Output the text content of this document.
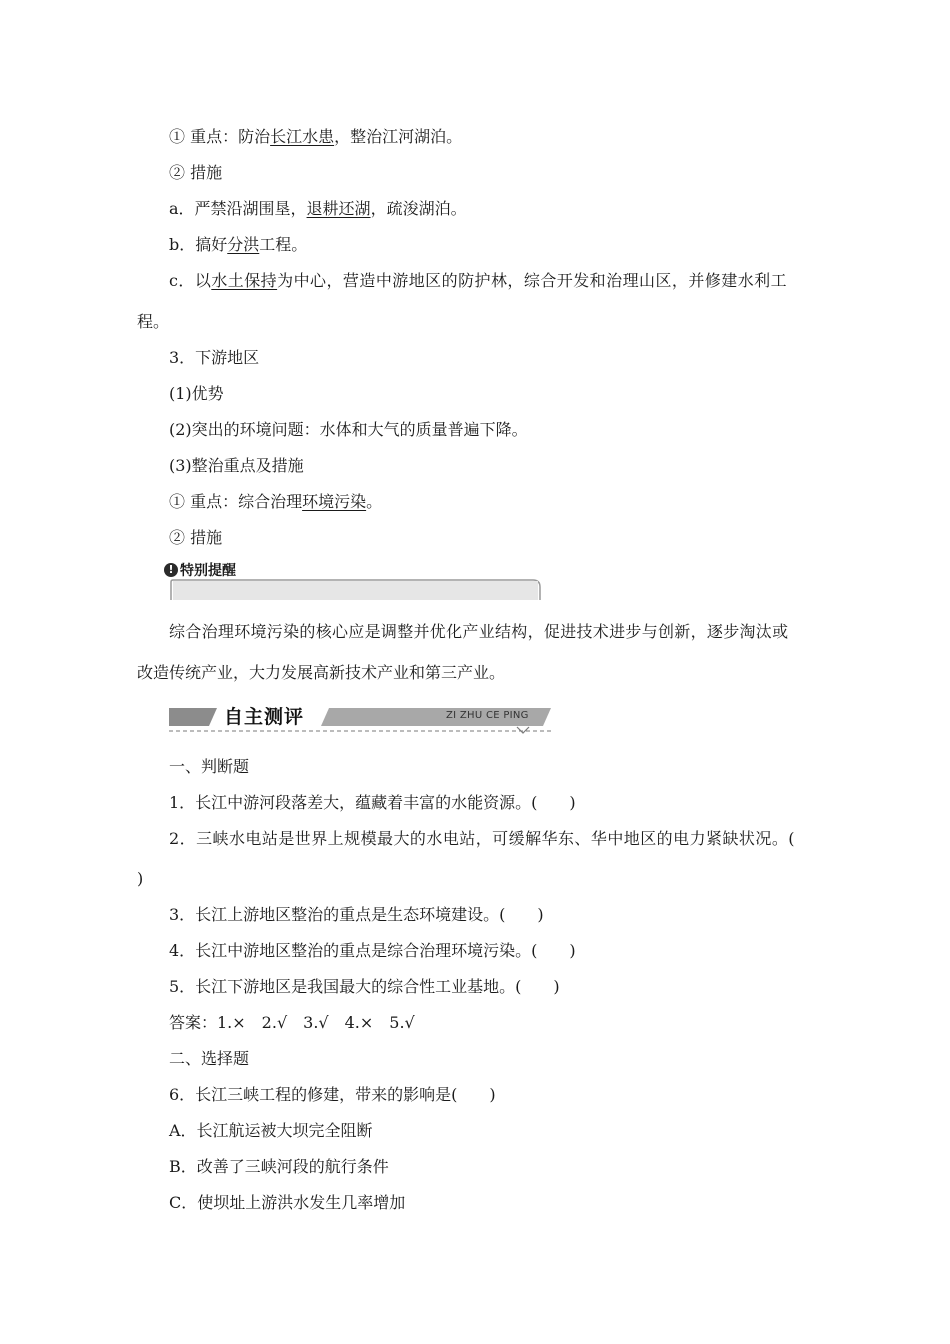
① 重点：防治长江水患，整治江河湖泊。
② 措施
a．严禁沿湖围垦，退耕还湖，疏浚湖泊。
b．搞好分洪工程。
c．以水土保持为中心，营造中游地区的防护林，综合开发和治理山区，并修建水利工
程。
3．下游地区
(1)优势
(2)突出的环境问题：水体和大气的质量普遍下降。
(3)整治重点及措施
① 重点：综合治理环境污染。
② 措施
! 特别提醒
综合治理环境污染的核心应是调整并优化产业结构，促进技术进步与创新，逐步淘汰或
改造传统产业，大力发展高新技术产业和第三产业。
自主测评	ZI ZHU CE PING
一、判断题
1．长江中游河段落差大，蕴藏着丰富的水能资源。(　　)
2．三峡水电站是世界上规模最大的水电站，可缓解华东、华中地区的电力紧缺状况。(
)
3．长江上游地区整治的重点是生态环境建设。(　　)
4．长江中游地区整治的重点是综合治理环境污染。(　　)
5．长江下游地区是我国最大的综合性工业基地。(　　)
答案：1.×　2.√　3.√　4.×　5.√
二、选择题
6．长江三峡工程的修建，带来的影响是(　　)
A．长江航运被大坝完全阻断
B．改善了三峡河段的航行条件
C．使坝址上游洪水发生几率增加
